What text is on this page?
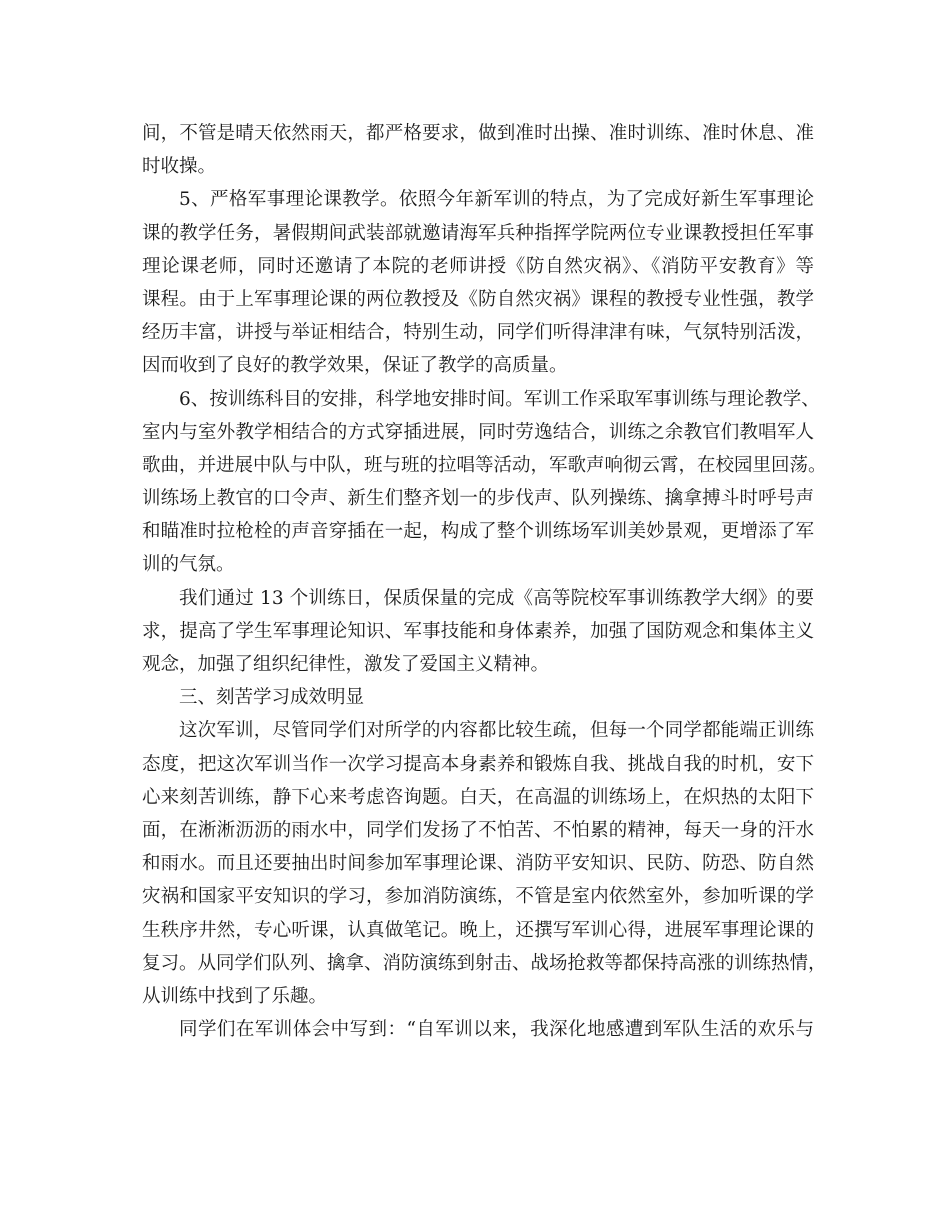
间，不管是晴天依然雨天，都严格要求，做到准时出操、准时训练、准时休息、准
时收操。
5、严格军事理论课教学。依照今年新军训的特点，为了完成好新生军事理论
课的教学任务，暑假期间武装部就邀请海军兵种指挥学院两位专业课教授担任军事
理论课老师，同时还邀请了本院的老师讲授《防自然灾祸》、《消防平安教育》等
课程。由于上军事理论课的两位教授及《防自然灾祸》课程的教授专业性强，教学
经历丰富，讲授与举证相结合，特别生动，同学们听得津津有味，气氛特别活泼，
因而收到了良好的教学效果，保证了教学的高质量。
6、按训练科目的安排，科学地安排时间。军训工作采取军事训练与理论教学、
室内与室外教学相结合的方式穿插进展，同时劳逸结合，训练之余教官们教唱军人
歌曲，并进展中队与中队，班与班的拉唱等活动，军歌声响彻云霄，在校园里回荡。
训练场上教官的口令声、新生们整齐划一的步伐声、队列操练、擒拿搏斗时呼号声
和瞄准时拉枪栓的声音穿插在一起，构成了整个训练场军训美妙景观，更增添了军
训的气氛。
我们通过 13 个训练日，保质保量的完成《高等院校军事训练教学大纲》的要
求，提高了学生军事理论知识、军事技能和身体素养，加强了国防观念和集体主义
观念，加强了组织纪律性，激发了爱国主义精神。
三、刻苦学习成效明显
这次军训，尽管同学们对所学的内容都比较生疏，但每一个同学都能端正训练
态度，把这次军训当作一次学习提高本身素养和锻炼自我、挑战自我的时机，安下
心来刻苦训练，静下心来考虑咨询题。白天，在高温的训练场上，在炽热的太阳下
面，在淅淅沥沥的雨水中，同学们发扬了不怕苦、不怕累的精神，每天一身的汗水
和雨水。而且还要抽出时间参加军事理论课、消防平安知识、民防、防恐、防自然
灾祸和国家平安知识的学习，参加消防演练，不管是室内依然室外，参加听课的学
生秩序井然，专心听课，认真做笔记。晚上，还撰写军训心得，进展军事理论课的
复习。从同学们队列、擒拿、消防演练到射击、战场抢救等都保持高涨的训练热情，
从训练中找到了乐趣。
同学们在军训体会中写到：“自军训以来，我深化地感遭到军队生活的欢乐与
